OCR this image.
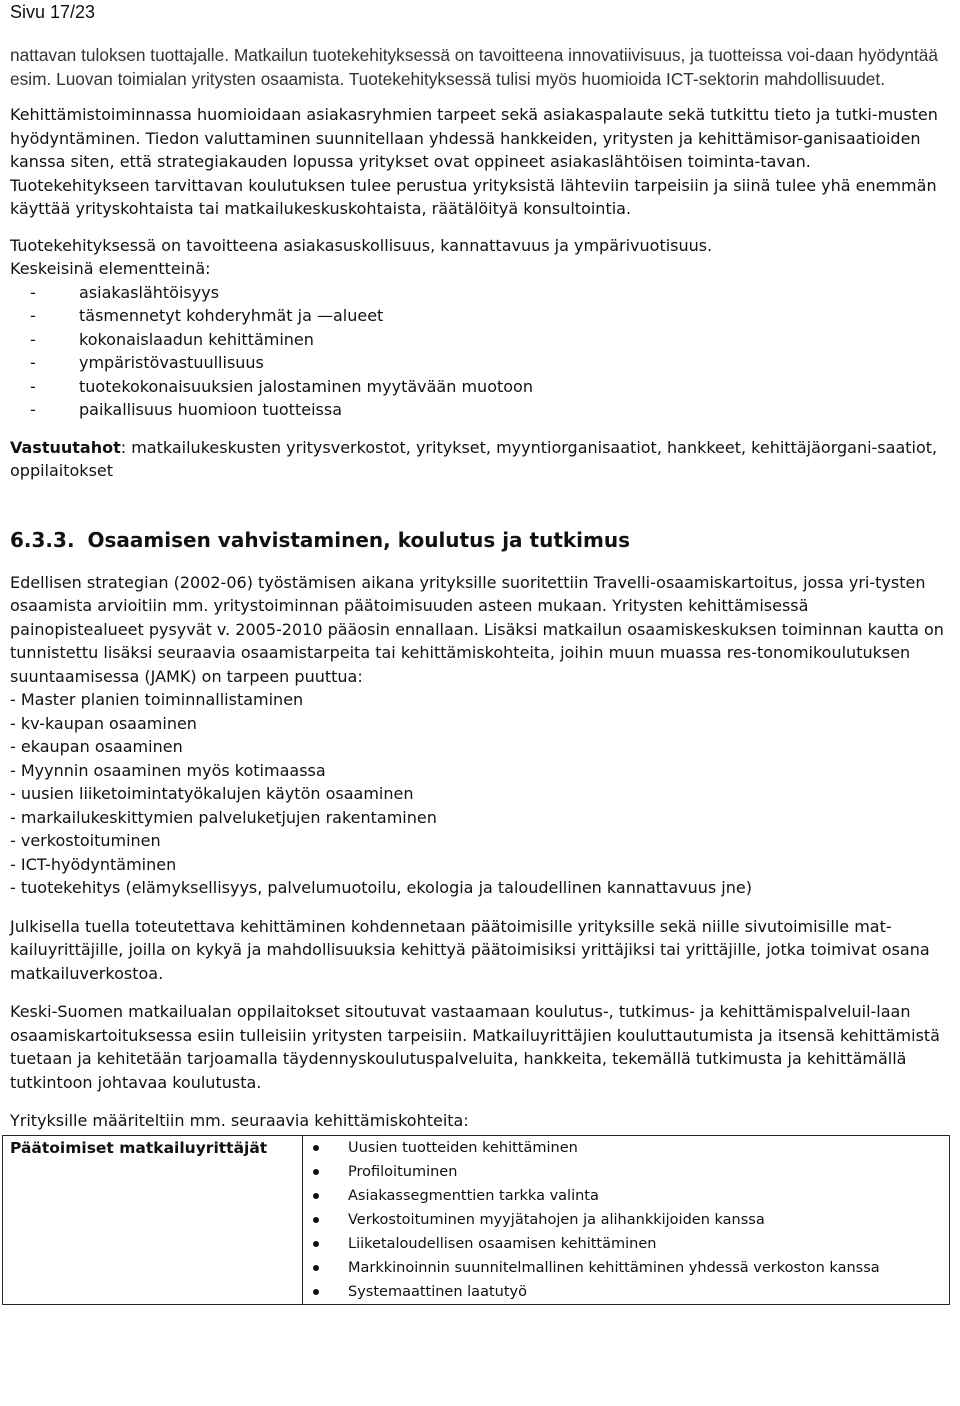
Sivu 17/23

nattavan tuloksen tuottajalle. Matkailun tuotekehityksessä on tavoitteena innovatiivisuus, ja tuotteissa voi-daan hyödyntää esim. Luovan toimialan yritysten osaamista. Tuotekehityksessä tulisi myös huomioida ICT-sektorin mahdollisuudet.

Kehittämistoiminnassa huomioidaan asiakasryhmien tarpeet sekä asiakaspalaute sekä tutkittu tieto ja tutki-musten hyödyntäminen. Tiedon valuttaminen suunnitellaan yhdessä hankkeiden, yritysten ja kehittämisor-ganisaatioiden kanssa siten, että strategiakauden lopussa yritykset ovat oppineet asiakaslähtöisen toiminta-tavan. Tuotekehitykseen tarvittavan koulutuksen tulee perustua yrityksistä lähteviin tarpeisiin ja siinä tulee yhä enemmän käyttää yrityskohtaista tai matkailukeskuskohtaista, räätälöityä konsultointia.

Tuotekehityksessä on tavoitteena asiakasuskollisuus, kannattavuus ja ympärivuotisuus.

Keskeisinä elementteinä:

- asiakaslähtöisyys
- täsmennetyt kohderyhmät ja —alueet
- kokonaislaadun kehittäminen
- ympäristövastuullisuus
- tuotekokonaisuuksien jalostaminen myytävään muotoon
- paikallisuus huomioon tuotteissa

Vastuutahot: matkailukeskusten yritysverkostot, yritykset, myyntiorganisaatiot, hankkeet, kehittäjäorgani-saatiot, oppilaitokset

6.3.3. Osaamisen vahvistaminen, koulutus ja tutkimus

Edellisen strategian (2002-06) työstämisen aikana yrityksille suoritettiin Travelli-osaamiskartoitus, jossa yri-tysten osaamista arvioitiin mm. yritystoiminnan päätoimisuuden asteen mukaan. Yritysten kehittämisessä painopistealueet pysyvät v. 2005-2010 pääosin ennallaan. Lisäksi matkailun osaamiskeskuksen toiminnan kautta on tunnistettu lisäksi seuraavia osaamistarpeita tai kehittämiskohteita, joihin muun muassa res-tonomikoulutuksen suuntaamisessa (JAMK) on tarpeen puuttua:

- Master planien toiminnallistaminen
- kv-kaupan osaaminen
- ekaupan osaaminen
- Myynnin osaaminen myös kotimaassa
- uusien liiketoimintatyökalujen käytön osaaminen
- markailukeskittymien palveluketjujen rakentaminen
- verkostoituminen
- ICT-hyödyntäminen
- tuotekehitys (elämyksellisyys, palvelumuotoilu, ekologia ja taloudellinen kannattavuus jne)

Julkisella tuella toteutettava kehittäminen kohdennetaan päätoimisille yrityksille sekä niille sivutoimisille mat-kailuyrittäjille, joilla on kykyä ja mahdollisuuksia kehittyä päätoimisiksi yrittäjiksi tai yrittäjille, jotka toimivat osana matkailuverkostoa.

Keski-Suomen matkailualan oppilaitokset sitoutuvat vastaamaan koulutus-, tutkimus- ja kehittämispalveluil-laan osaamiskartoituksessa esiin tulleisiin yritysten tarpeisiin. Matkailuyrittäjien kouluttautumista ja itsensä kehittämistä tuetaan ja kehitetään tarjoamalla täydennyskoulutuspalveluita, hankkeita, tekemällä tutkimusta ja kehittämällä tutkintoon johtavaa koulutusta.

Yrityksille määriteltiin mm. seuraavia kehittämiskohteita:

Päätoimiset matkailuyrittäjät	Uusien tuotteiden kehittäminen
Profiloituminen
Asiakassegmenttien tarkka valinta
Verkostoituminen myyjätahojen ja alihankkijoiden kanssa
Liiketaloudellisen osaamisen kehittäminen
Markkinoinnin suunnitelmallinen kehittäminen yhdessä verkoston kanssa
Systemaattinen laatutyö
